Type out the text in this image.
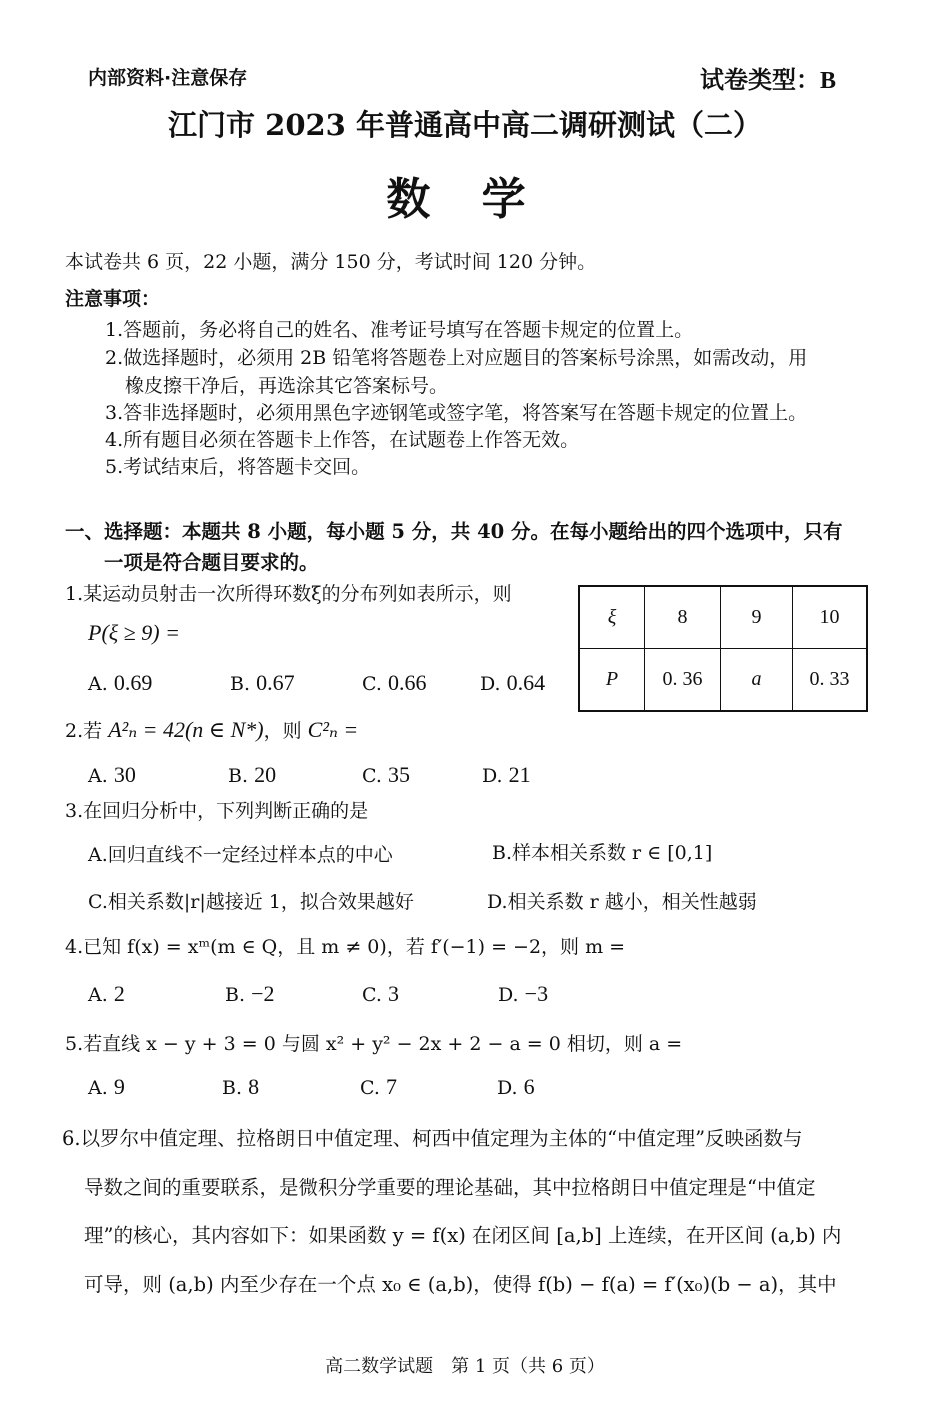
内部资料·注意保存	试卷类型：B
江门市 2023 年普通高中高二调研测试（二）
数 学
本试卷共 6 页，22 小题，满分 150 分，考试时间 120 分钟。
注意事项：
1.答题前，务必将自己的姓名、准考证号填写在答题卡规定的位置上。
2.做选择题时，必须用 2B 铅笔将答题卷上对应题目的答案标号涂黑，如需改动，用
橡皮擦干净后，再选涂其它答案标号。
3.答非选择题时，必须用黑色字迹钢笔或签字笔，将答案写在答题卡规定的位置上。
4.所有题目必须在答题卡上作答，在试题卷上作答无效。
5.考试结束后，将答题卡交回。
一、选择题：本题共 8 小题，每小题 5 分，共 40 分。在每小题给出的四个选项中，只有
一项是符合题目要求的。
1.某运动员射击一次所得环数ξ的分布列如表所示，则
P(ξ ≥ 9) =
A. 0.69	B. 0.67	C. 0.66	D. 0.64
ξ	8	9	10
P	0. 36	a	0. 33
2.若 A²ₙ = 42(n ∈ N*)，则 C²ₙ =
A. 30	B. 20	C. 35	D. 21
3.在回归分析中，下列判断正确的是
A.回归直线不一定经过样本点的中心	B.样本相关系数 r ∈ [0,1]
C.相关系数|r|越接近 1，拟合效果越好	D.相关系数 r 越小，相关性越弱
4.已知 f(x) = xᵐ(m ∈ Q，且 m ≠ 0)，若 f′(−1) = −2，则 m =
A. 2	B. −2	C. 3	D. −3
5.若直线 x − y + 3 = 0 与圆 x² + y² − 2x + 2 − a = 0 相切，则 a =
A. 9	B. 8	C. 7	D. 6
6.以罗尔中值定理、拉格朗日中值定理、柯西中值定理为主体的“中值定理”反映函数与
导数之间的重要联系，是微积分学重要的理论基础，其中拉格朗日中值定理是“中值定
理”的核心，其内容如下：如果函数 y = f(x) 在闭区间 [a,b] 上连续，在开区间 (a,b) 内
可导，则 (a,b) 内至少存在一个点 x₀ ∈ (a,b)，使得 f(b) − f(a) = f′(x₀)(b − a)，其中
高二数学试题　第 1 页（共 6 页）
